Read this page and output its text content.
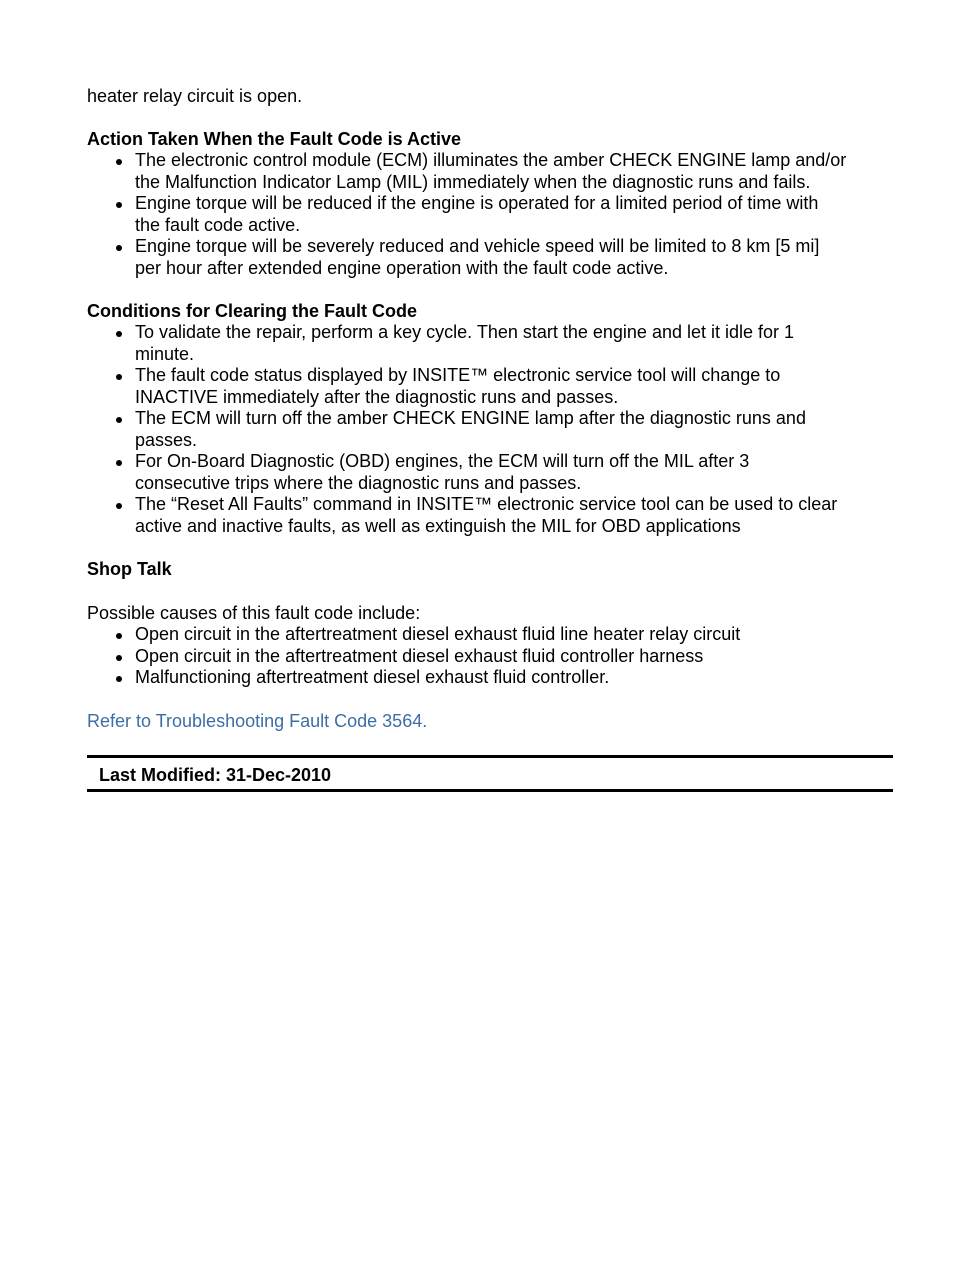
heater relay circuit is open.

Action Taken When the Fault Code is Active
The electronic control module (ECM) illuminates the amber CHECK ENGINE lamp and/or
the Malfunction Indicator Lamp (MIL) immediately when the diagnostic runs and fails.
Engine torque will be reduced if the engine is operated for a limited period of time with
the fault code active.
Engine torque will be severely reduced and vehicle speed will be limited to 8 km [5 mi]
per hour after extended engine operation with the fault code active.
Conditions for Clearing the Fault Code
To validate the repair, perform a key cycle. Then start the engine and let it idle for 1
minute.
The fault code status displayed by INSITE™ electronic service tool will change to
INACTIVE immediately after the diagnostic runs and passes.
The ECM will turn off the amber CHECK ENGINE lamp after the diagnostic runs and
passes.
For On-Board Diagnostic (OBD) engines, the ECM will turn off the MIL after 3
consecutive trips where the diagnostic runs and passes.
The “Reset All Faults” command in INSITE™ electronic service tool can be used to clear
active and inactive faults, as well as extinguish the MIL for OBD applications
Shop Talk

Possible causes of this fault code include:

Open circuit in the aftertreatment diesel exhaust fluid line heater relay circuit
Open circuit in the aftertreatment diesel exhaust fluid controller harness
Malfunctioning aftertreatment diesel exhaust fluid controller.
Refer to Troubleshooting Fault Code 3564.
Last Modified: 31-Dec-2010
